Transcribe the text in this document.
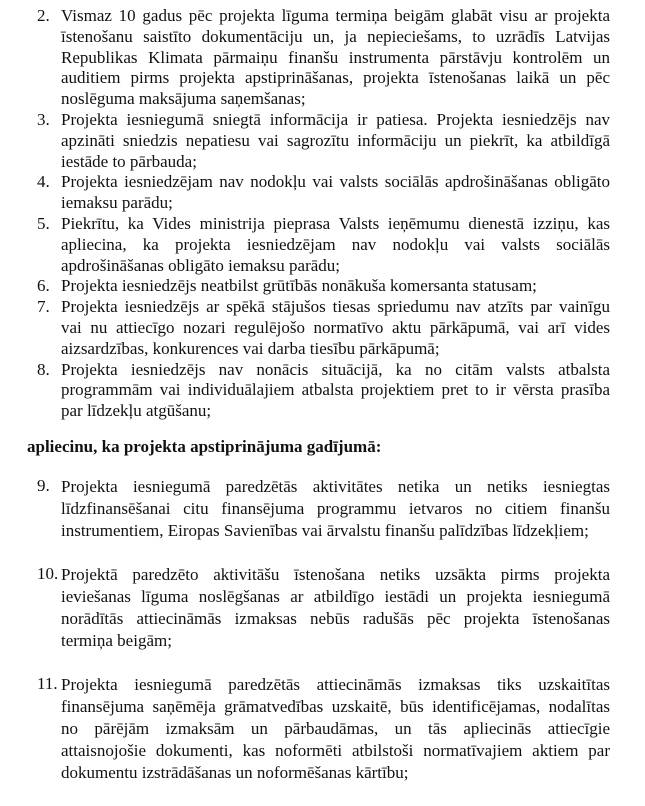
2. Vismaz 10 gadus pēc projekta līguma termiņa beigām glabāt visu ar projekta
īstenošanu saistīto dokumentāciju un, ja nepieciešams, to uzrādīs Latvijas
Republikas Klimata pārmaiņu finanšu instrumenta pārstāvju kontrolēm un
auditiem pirms projekta apstiprināšanas, projekta īstenošanas laikā un pēc
noslēguma maksājuma saņemšanas;
3. Projekta iesniegumā sniegtā informācija ir patiesa. Projekta iesniedzējs nav
apzināti sniedzis nepatiesu vai sagrozītu informāciju un piekrīt, ka atbildīgā
iestāde to pārbauda;
4. Projekta iesniedzējam nav nodokļu vai valsts sociālās apdrošināšanas obligāto
iemaksu parādu;
5. Piekrītu, ka Vides ministrija pieprasa Valsts ieņēmumu dienestā izziņu, kas
apliecina, ka projekta iesniedzējam nav nodokļu vai valsts sociālās
apdrošināšanas obligāto iemaksu parādu;
6. Projekta iesniedzējs neatbilst grūtībās nonākuša komersanta statusam;
7. Projekta iesniedzējs ar spēkā stājušos tiesas spriedumu nav atzīts par vainīgu
vai nu attiecīgo nozari regulējošo normatīvo aktu pārkāpumā, vai arī vides
aizsardzības, konkurences vai darba tiesību pārkāpumā;
8. Projekta iesniedzējs nav nonācis situācijā, ka no citām valsts atbalsta
programmām vai individuālajiem atbalsta projektiem pret to ir vērsta prasība
par līdzekļu atgūšanu;
apliecinu, ka projekta apstiprinājuma gadījumā:
9. Projekta iesniegumā paredzētās aktivitātes netika un netiks iesniegtas
līdzfinansēšanai citu finansējuma programmu ietvaros no citiem finanšu
instrumentiem, Eiropas Savienības vai ārvalstu finanšu palīdzības līdzekļiem;
10. Projektā paredzēto aktivitāšu īstenošana netiks uzsākta pirms projekta
ieviešanas līguma noslēgšanas ar atbildīgo iestādi un projekta iesniegumā
norādītās attiecināmās izmaksas nebūs radušās pēc projekta īstenošanas
termiņa beigām;
11. Projekta iesniegumā paredzētās attiecināmās izmaksas tiks uzskaitītas
finansējuma saņēmēja grāmatvedības uzskaitē, būs identificējamas, nodalītas
no pārējām izmaksām un pārbaudāmas, un tās apliecinās attiecīgie
attaisnojošie dokumenti, kas noformēti atbilstoši normatīvajiem aktiem par
dokumentu izstrādāšanas un noformēšanas kārtību;
